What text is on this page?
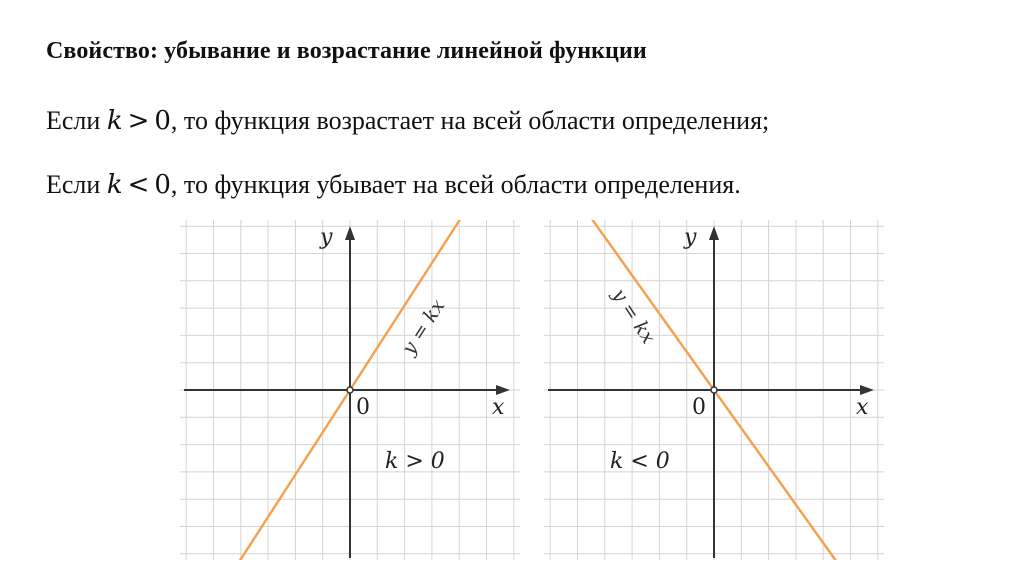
Свойство: убывание и возрастание линейной функции
Если k > 0, то функция возрастает на всей области определения;
Если k < 0, то функция убывает на всей области определения.
y
x
0
k > 0
y = kx
y
x
0
k < 0
y = kx
